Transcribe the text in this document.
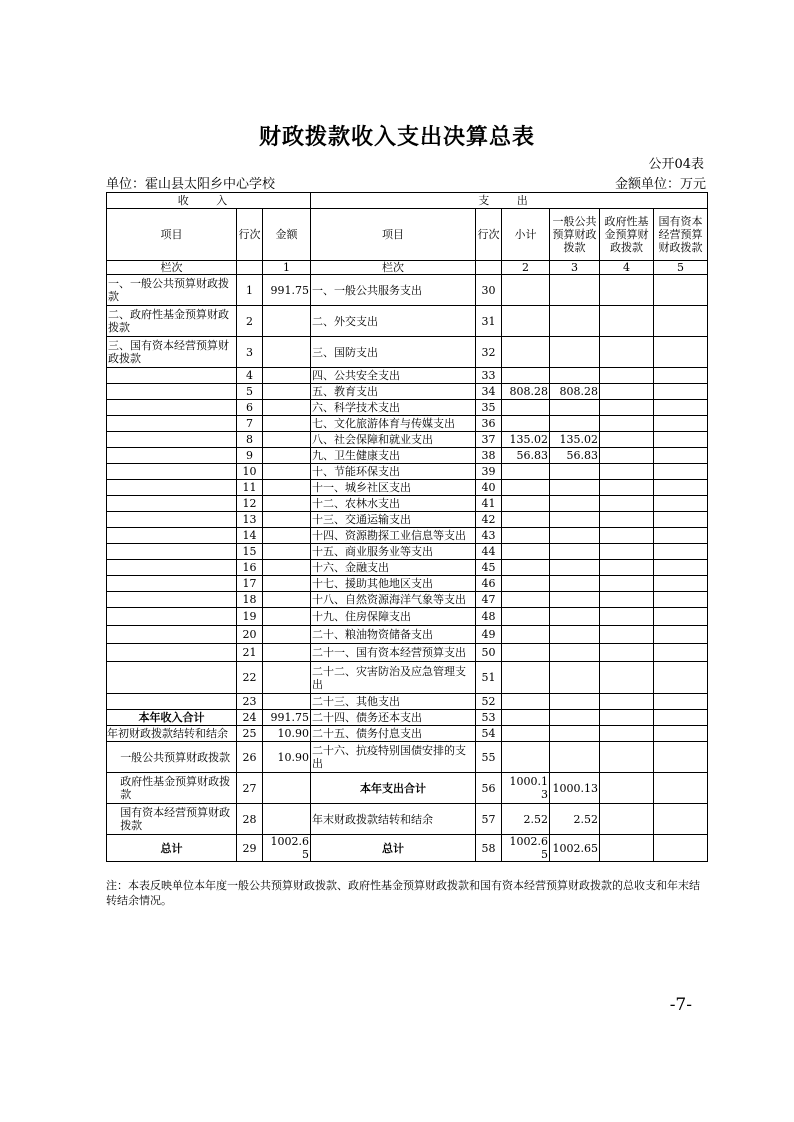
财政拨款收入支出决算总表
公开04表
单位：霍山县太阳乡中心学校	金额单位：万元
收 入			支 出					
项目	行次	金额	项目	行次	小计	一般公共预算财政拨款	政府性基金预算财政拨款	国有资本经营预算财政拨款
栏次		1	栏次		2	3	4	5
一、一般公共预算财政拨款	1	991.75	一、一般公共服务支出	30				
二、政府性基金预算财政拨款	2		二、外交支出	31				
三、国有资本经营预算财政拨款	3		三、国防支出	32				
	4		四、公共安全支出	33				
	5		五、教育支出	34	808.28	808.28		
	6		六、科学技术支出	35				
	7		七、文化旅游体育与传媒支出	36				
	8		八、社会保障和就业支出	37	135.02	135.02		
	9		九、卫生健康支出	38	56.83	56.83		
	10		十、节能环保支出	39				
	11		十一、城乡社区支出	40				
	12		十二、农林水支出	41				
	13		十三、交通运输支出	42				
	14		十四、资源勘探工业信息等支出	43				
	15		十五、商业服务业等支出	44				
	16		十六、金融支出	45				
	17		十七、援助其他地区支出	46				
	18		十八、自然资源海洋气象等支出	47				
	19		十九、住房保障支出	48				
	20		二十、粮油物资储备支出	49				
	21		二十一、国有资本经营预算支出	50				
	22		二十二、灾害防治及应急管理支出	51				
	23		二十三、其他支出	52				
本年收入合计	24	991.75	二十四、债务还本支出	53				
年初财政拨款结转和结余	25	10.90	二十五、债务付息支出	54				
一般公共预算财政拨款	26	10.90	二十六、抗疫特别国债安排的支出	55				
政府性基金预算财政拨款	27		本年支出合计	56	1000.13	1000.13		
国有资本经营预算财政拨款	28		年末财政拨款结转和结余	57	2.52	2.52		
总计	29	1002.65	总计	58	1002.65	1002.65		
注：本表反映单位本年度一般公共预算财政拨款、政府性基金预算财政拨款和国有资本经营预算财政拨款的总收支和年末结转结余情况。
-7-
